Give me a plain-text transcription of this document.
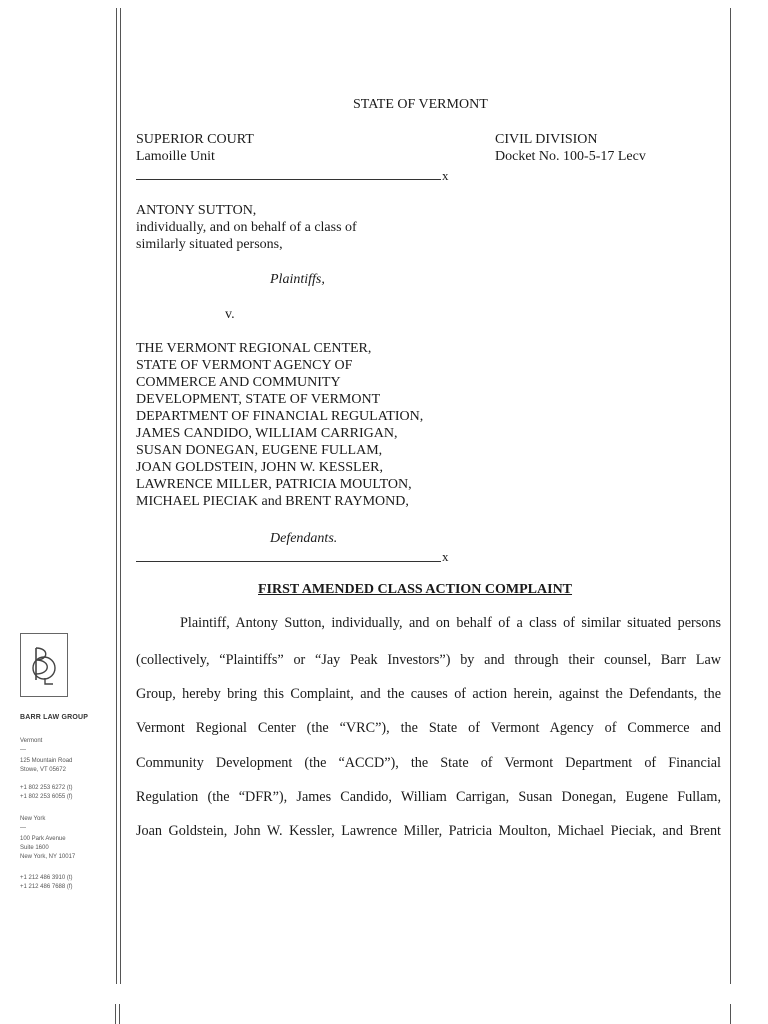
STATE OF VERMONT
SUPERIOR COURT
Lamoille Unit
CIVIL DIVISION
Docket No. 100-5-17 Lecv
x
ANTONY SUTTON,
individually, and on behalf of a class of
similarly situated persons,
Plaintiffs,
v.
THE VERMONT REGIONAL CENTER,
STATE OF VERMONT AGENCY OF
COMMERCE AND COMMUNITY
DEVELOPMENT, STATE OF VERMONT
DEPARTMENT OF FINANCIAL REGULATION,
JAMES CANDIDO, WILLIAM CARRIGAN,
SUSAN DONEGAN, EUGENE FULLAM,
JOAN GOLDSTEIN, JOHN W. KESSLER,
LAWRENCE MILLER, PATRICIA MOULTON,
MICHAEL PIECIAK and BRENT RAYMOND,
Defendants.
x
FIRST AMENDED CLASS ACTION COMPLAINT
Plaintiff, Antony Sutton, individually, and on behalf of a class of similar situated persons
(collectively, “Plaintiffs” or “Jay Peak Investors”) by and through their counsel, Barr Law
Group, hereby bring this Complaint, and the causes of action herein, against the Defendants, the
Vermont Regional Center (the “VRC”), the State of Vermont Agency of Commerce and
Community Development (the “ACCD”), the State of Vermont Department of Financial
Regulation (the “DFR”), James Candido, William Carrigan, Susan Donegan, Eugene Fullam,
Joan Goldstein, John W. Kessler, Lawrence Miller, Patricia Moulton, Michael Pieciak, and Brent
BARR LAW GROUP
Vermont
—
125 Mountain Road
Stowe, VT 05672
+1 802 253 6272 (t)
+1 802 253 6055 (f)
New York
—
100 Park Avenue
Suite 1600
New York, NY 10017
+1 212 486 3910 (t)
+1 212 486 7688 (f)
